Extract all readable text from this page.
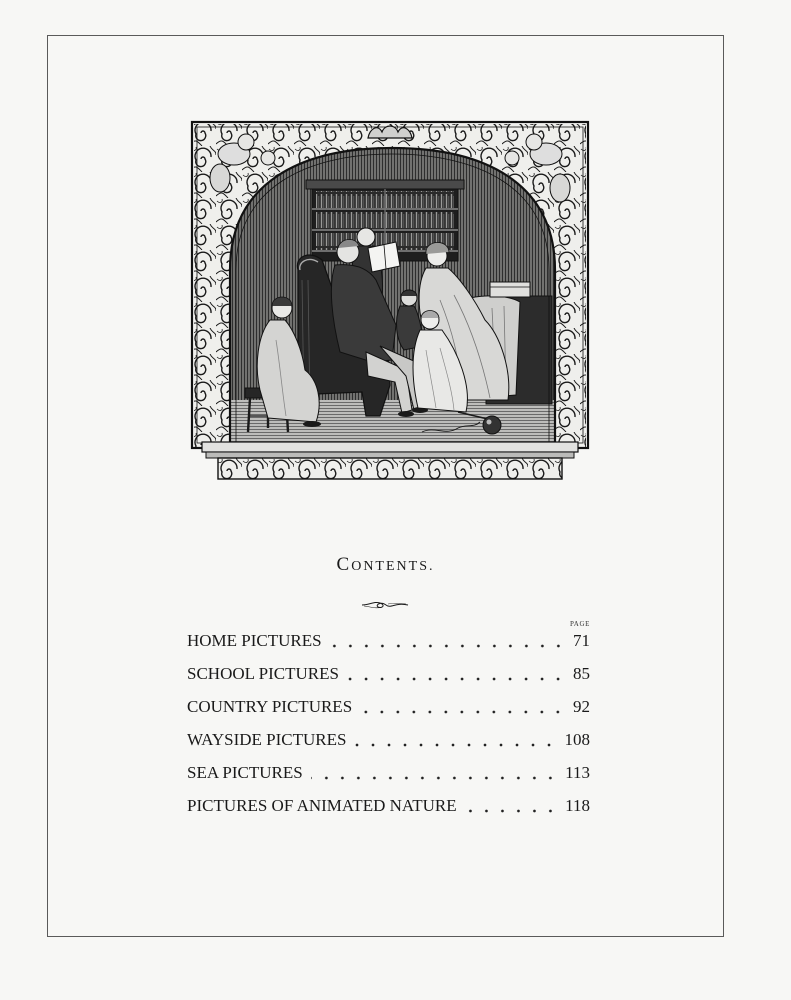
CONTENTS.
PAGE
HOME PICTURES	71
SCHOOL PICTURES	85
COUNTRY PICTURES	92
WAYSIDE PICTURES	108
SEA PICTURES	113
PICTURES OF ANIMATED NATURE	118
